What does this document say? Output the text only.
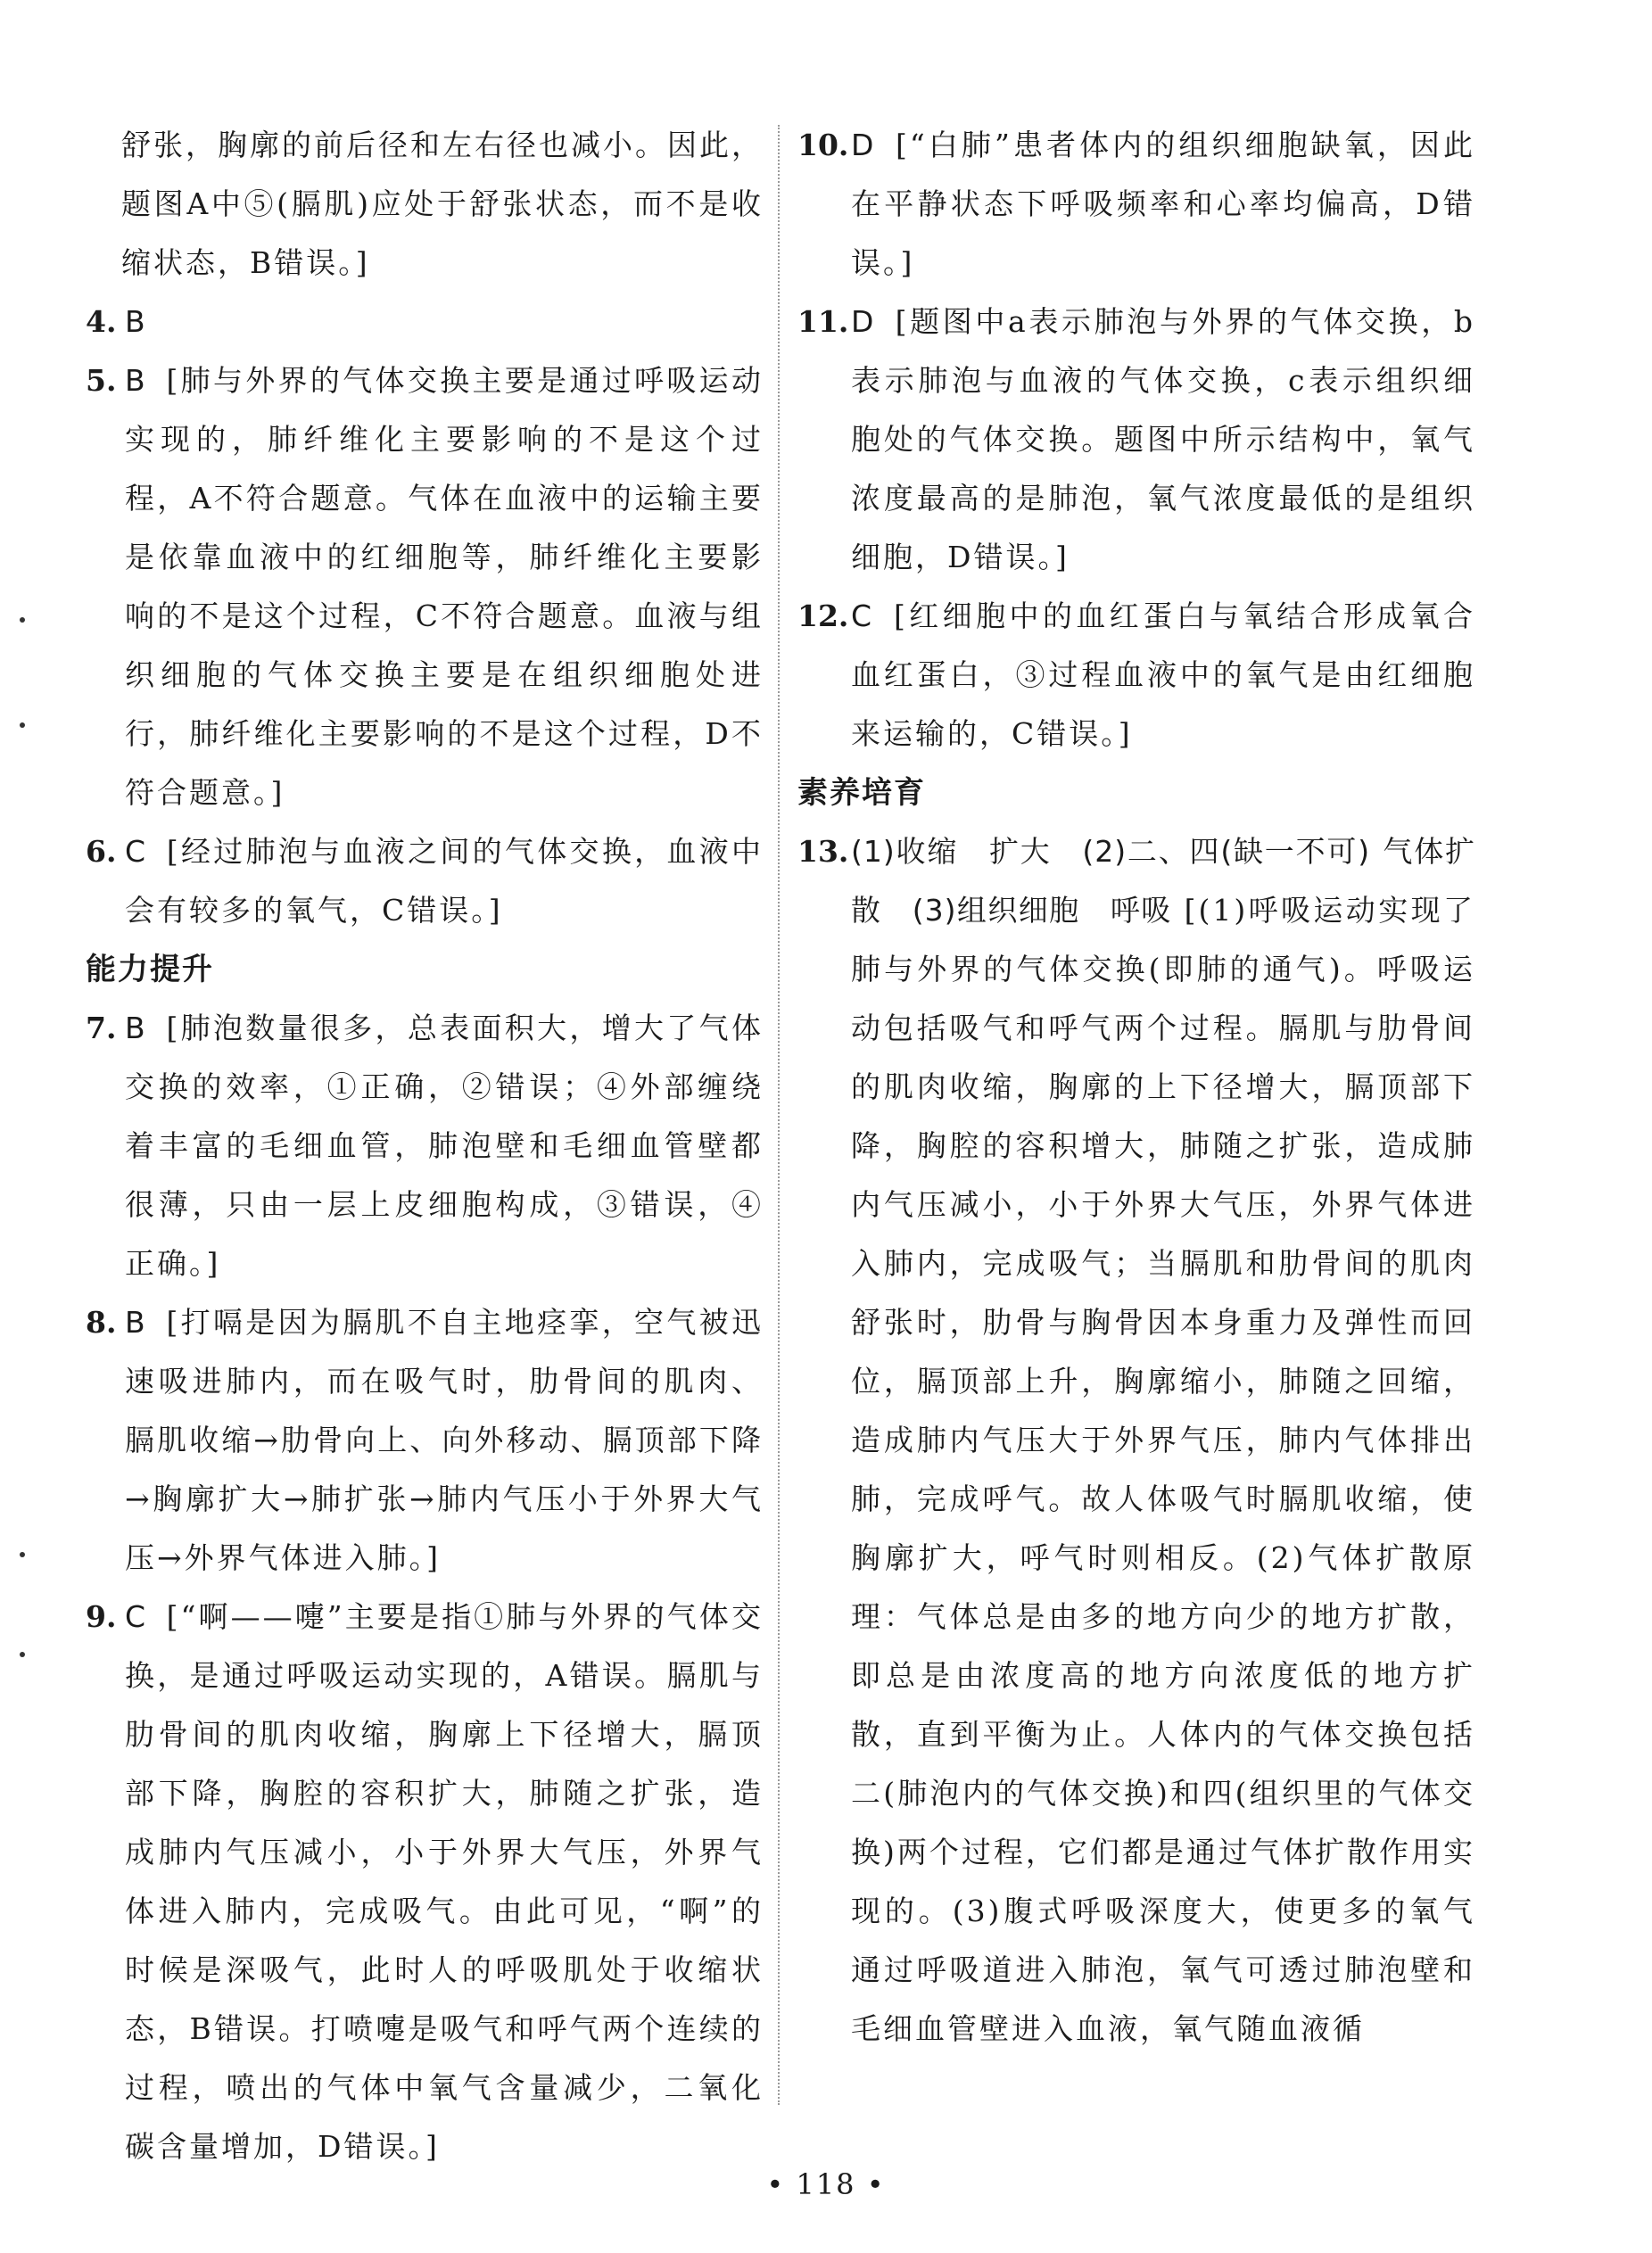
舒张，胸廓的前后径和左右径也减小。因此，题图A中⑤(膈肌)应处于舒张状态，而不是收缩状态，B错误。]

4. B

5. B [肺与外界的气体交换主要是通过呼吸运动实现的，肺纤维化主要影响的不是这个过程，A不符合题意。气体在血液中的运输主要是依靠血液中的红细胞等，肺纤维化主要影响的不是这个过程，C不符合题意。血液与组织细胞的气体交换主要是在组织细胞处进行，肺纤维化主要影响的不是这个过程，D不符合题意。]

6. C [经过肺泡与血液之间的气体交换，血液中会有较多的氧气，C错误。]

能力提升

7. B [肺泡数量很多，总表面积大，增大了气体交换的效率，①正确，②错误；④外部缠绕着丰富的毛细血管，肺泡壁和毛细血管壁都很薄，只由一层上皮细胞构成，③错误，④正确。]

8. B [打嗝是因为膈肌不自主地痉挛，空气被迅速吸进肺内，而在吸气时，肋骨间的肌肉、膈肌收缩→肋骨向上、向外移动、膈顶部下降→胸廓扩大→肺扩张→肺内气压小于外界大气压→外界气体进入肺。]

9. C [“啊——嚏”主要是指①肺与外界的气体交换，是通过呼吸运动实现的，A错误。膈肌与肋骨间的肌肉收缩，胸廓上下径增大，膈顶部下降，胸腔的容积扩大，肺随之扩张，造成肺内气压减小，小于外界大气压，外界气体进入肺内，完成吸气。由此可见，“啊”的时候是深吸气，此时人的呼吸肌处于收缩状态，B错误。打喷嚏是吸气和呼气两个连续的过程，喷出的气体中氧气含量减少，二氧化碳含量增加，D错误。]

10. D [“白肺”患者体内的组织细胞缺氧，因此在平静状态下呼吸频率和心率均偏高，D错误。]

11. D [题图中a表示肺泡与外界的气体交换，b表示肺泡与血液的气体交换，c表示组织细胞处的气体交换。题图中所示结构中，氧气浓度最高的是肺泡，氧气浓度最低的是组织细胞，D错误。]

12. C [红细胞中的血红蛋白与氧结合形成氧合血红蛋白，③过程血液中的氧气是由红细胞来运输的，C错误。]

素养培育

13. (1)收缩　扩大　(2)二、四(缺一不可) 气体扩散　(3)组织细胞　呼吸 [(1)呼吸运动实现了肺与外界的气体交换(即肺的通气)。呼吸运动包括吸气和呼气两个过程。膈肌与肋骨间的肌肉收缩，胸廓的上下径增大，膈顶部下降，胸腔的容积增大，肺随之扩张，造成肺内气压减小，小于外界大气压，外界气体进入肺内，完成吸气；当膈肌和肋骨间的肌肉舒张时，肋骨与胸骨因本身重力及弹性而回位，膈顶部上升，胸廓缩小，肺随之回缩，造成肺内气压大于外界气压，肺内气体排出肺，完成呼气。故人体吸气时膈肌收缩，使胸廓扩大，呼气时则相反。(2)气体扩散原理：气体总是由多的地方向少的地方扩散，即总是由浓度高的地方向浓度低的地方扩散，直到平衡为止。人体内的气体交换包括二(肺泡内的气体交换)和四(组织里的气体交换)两个过程，它们都是通过气体扩散作用实现的。(3)腹式呼吸深度大，使更多的氧气通过呼吸道进入肺泡，氧气可透过肺泡壁和毛细血管壁进入血液，氧气随血液循

• 118 •
